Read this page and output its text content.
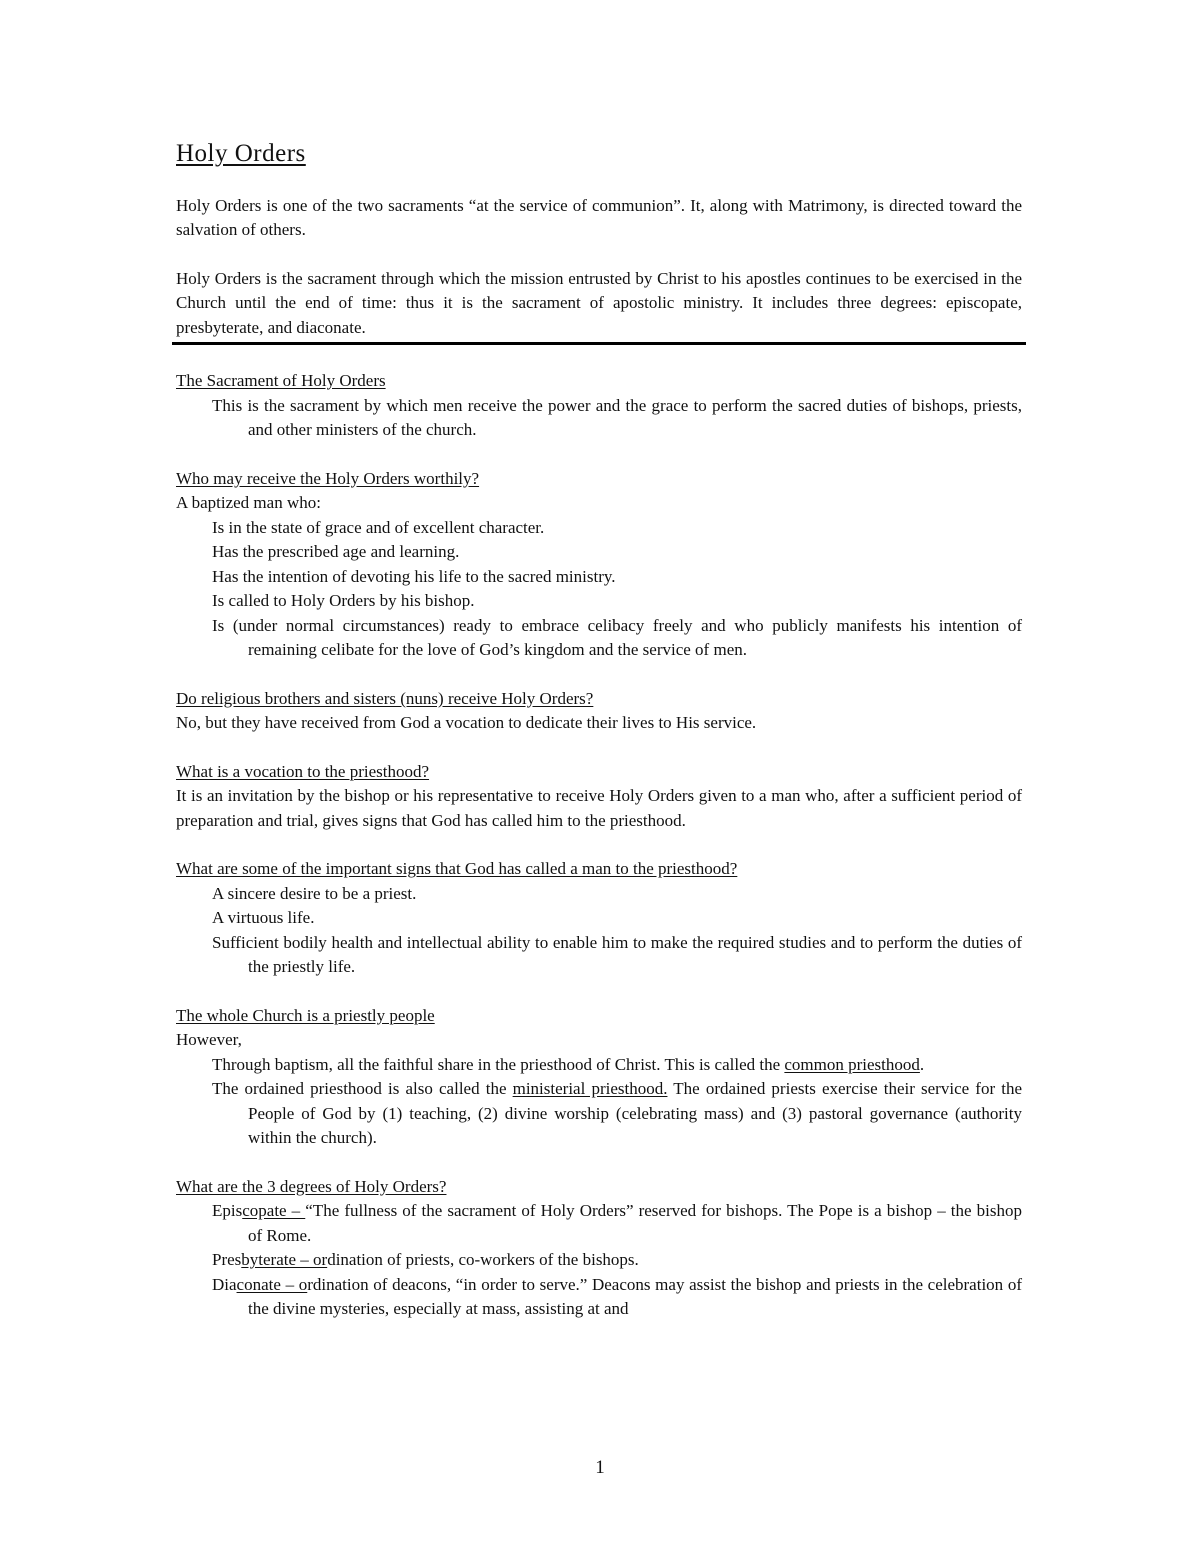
Holy Orders

Holy Orders is one of the two sacraments “at the service of communion”. It, along with Matrimony, is directed toward the salvation of others.

Holy Orders is the sacrament through which the mission entrusted by Christ to his apostles continues to be exercised in the Church until the end of time: thus it is the sacrament of apostolic ministry. It includes three degrees: episcopate, presbyterate, and diaconate.

The Sacrament of Holy Orders

This is the sacrament by which men receive the power and the grace to perform the sacred duties of bishops, priests, and other ministers of the church.

Who may receive the Holy Orders worthily?

A baptized man who:

Is in the state of grace and of excellent character.

Has the prescribed age and learning.

Has the intention of devoting his life to the sacred ministry.

Is called to Holy Orders by his bishop.

Is (under normal circumstances) ready to embrace celibacy freely and who publicly manifests his intention of remaining celibate for the love of God’s kingdom and the service of men.

Do religious brothers and sisters (nuns) receive Holy Orders?

No, but they have received from God a vocation to dedicate their lives to His service.

What is a vocation to the priesthood?

It is an invitation by the bishop or his representative to receive Holy Orders given to a man who, after a sufficient period of preparation and trial, gives signs that God has called him to the priesthood.

What are some of the important signs that God has called a man to the priesthood?

A sincere desire to be a priest.

A virtuous life.

Sufficient bodily health and intellectual ability to enable him to make the required studies and to perform the duties of the priestly life.

The whole Church is a priestly people

However,

Through baptism, all the faithful share in the priesthood of Christ. This is called the common priesthood.

The ordained priesthood is also called the ministerial priesthood. The ordained priests exercise their service for the People of God by (1) teaching, (2) divine worship (celebrating mass) and (3) pastoral governance (authority within the church).

What are the 3 degrees of Holy Orders?

Episcopate – “The fullness of the sacrament of Holy Orders” reserved for bishops. The Pope is a bishop – the bishop of Rome.

Presbyterate – ordination of priests, co-workers of the bishops.

Diaconate – ordination of deacons, “in order to serve.” Deacons may assist the bishop and priests in the celebration of the divine mysteries, especially at mass, assisting at and

1
